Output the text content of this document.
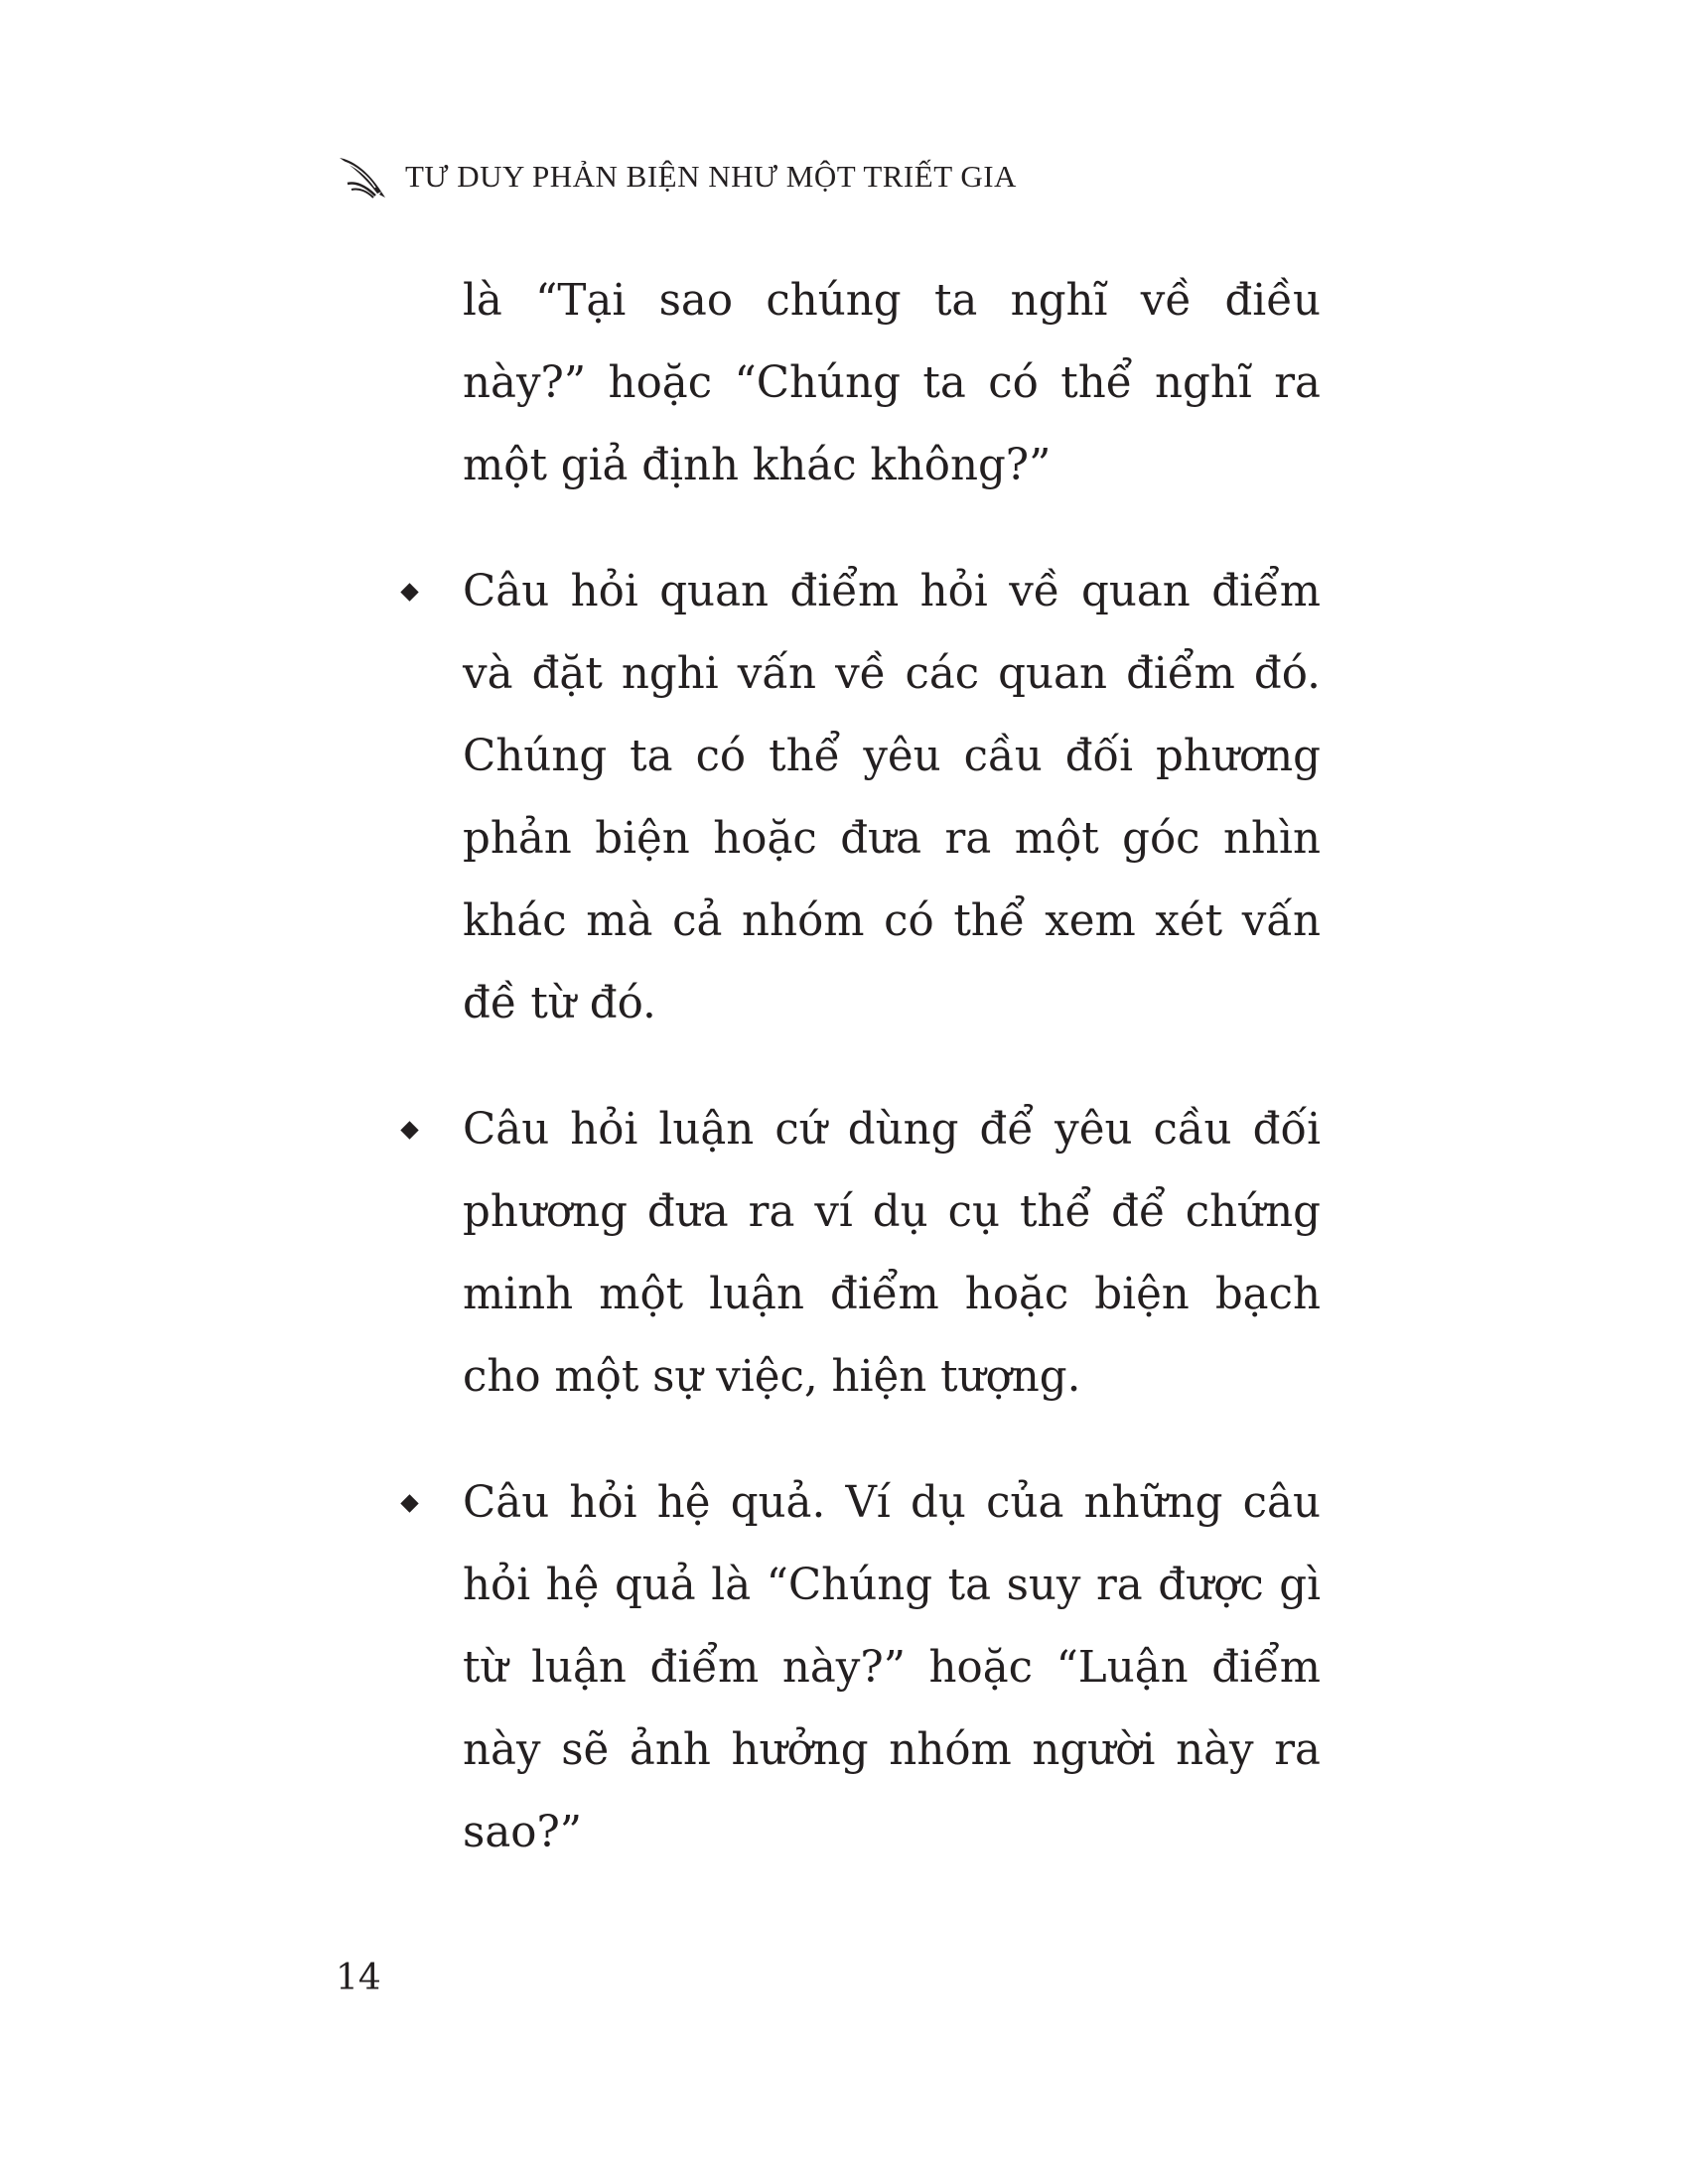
TƯ DUY PHẢN BIỆN NHƯ MỘT TRIẾT GIA

là “Tại sao chúng ta nghĩ về điều này?” hoặc “Chúng ta có thể nghĩ ra một giả định khác không?”

Câu hỏi quan điểm hỏi về quan điểm và đặt nghi vấn về các quan điểm đó. Chúng ta có thể yêu cầu đối phương phản biện hoặc đưa ra một góc nhìn khác mà cả nhóm có thể xem xét vấn đề từ đó.

Câu hỏi luận cứ dùng để yêu cầu đối phương đưa ra ví dụ cụ thể để chứng minh một luận điểm hoặc biện bạch cho một sự việc, hiện tượng.

Câu hỏi hệ quả. Ví dụ của những câu hỏi hệ quả là “Chúng ta suy ra được gì từ luận điểm này?” hoặc “Luận điểm này sẽ ảnh hưởng nhóm người này ra sao?”

14
